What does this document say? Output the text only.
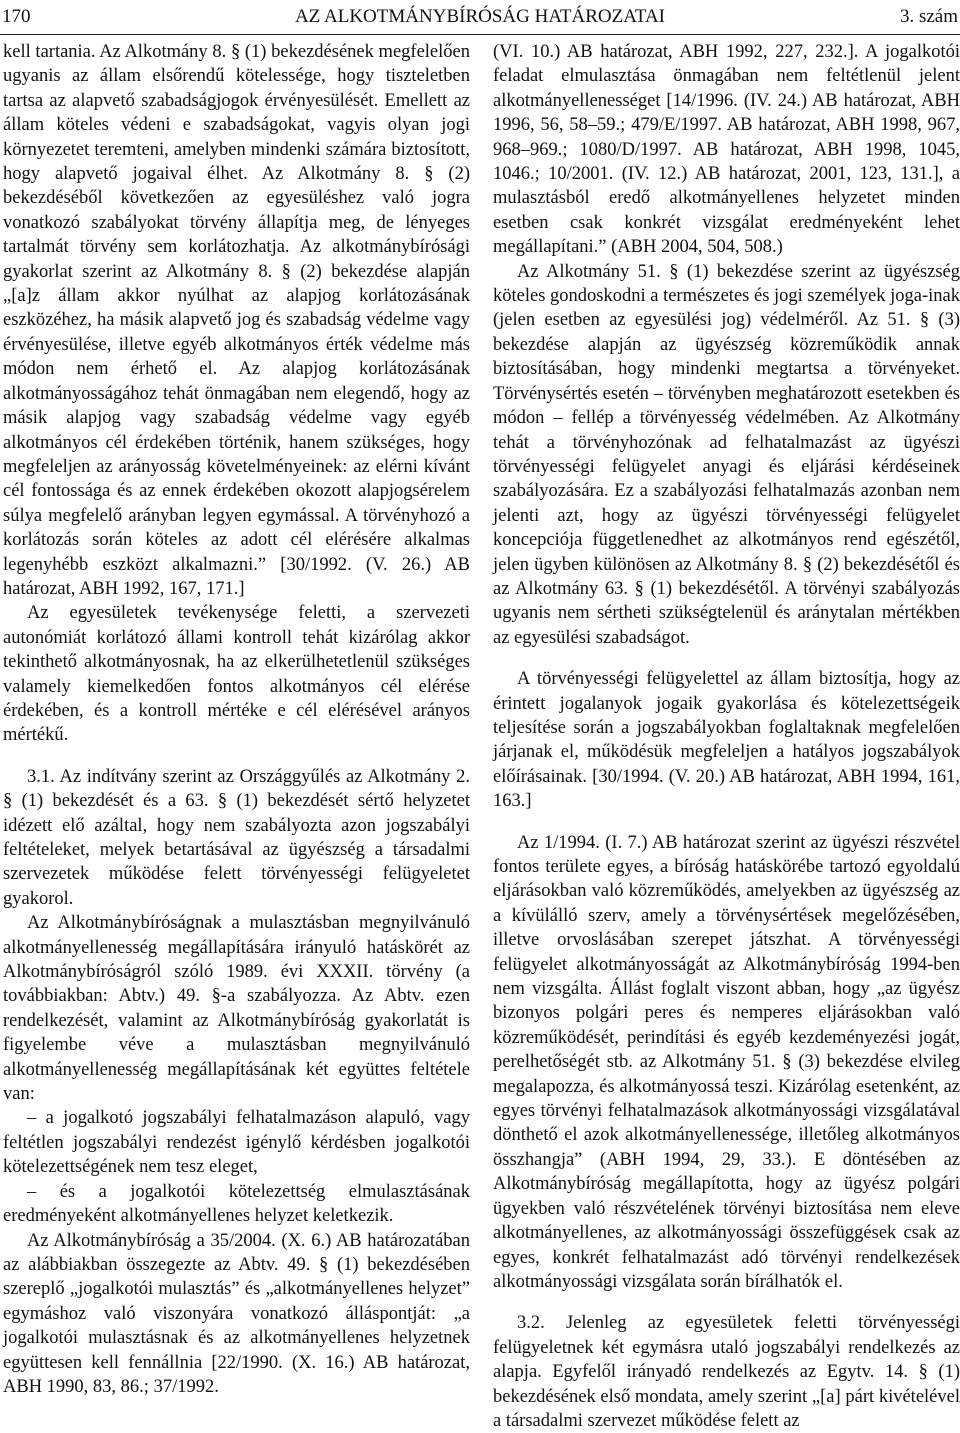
170	AZ ALKOTMÁNYBÍRÓSÁG HATÁROZATAI	3. szám

kell tartania. Az Alkotmány 8. § (1) bekezdésének megfelelően ugyanis az állam elsőrendű kötelessége, hogy tiszteletben tartsa az alapvető szabadságjogok érvényesülését. Emellett az állam köteles védeni e szabadságokat, vagyis olyan jogi környezetet teremteni, amelyben mindenki számára biztosított, hogy alapvető jogaival élhet. Az Alkotmány 8. § (2) bekezdéséből következően az egyesüléshez való jogra vonatkozó szabályokat törvény állapítja meg, de lényeges tartalmát törvény sem korlátozhatja. Az alkotmánybírósági gyakorlat szerint az Alkotmány 8. § (2) bekezdése alapján „[a]z állam akkor nyúlhat az alapjog korlátozásának eszközéhez, ha másik alapvető jog és szabadság védelme vagy érvényesülése, illetve egyéb alkotmányos érték védelme más módon nem érhető el. Az alapjog korlátozásának alkotmányosságához tehát önmagában nem elegendő, hogy az másik alapjog vagy szabadság védelme vagy egyéb alkotmányos cél érdekében történik, hanem szükséges, hogy megfeleljen az arányosság követelményeinek: az elérni kívánt cél fontossága és az ennek érdekében okozott alapjogsérelem súlya megfelelő arányban legyen egymással. A törvényhozó a korlátozás során köteles az adott cél elérésére alkalmas legenyhébb eszközt alkalmazni.” [30/1992. (V. 26.) AB határozat, ABH 1992, 167, 171.]

Az egyesületek tevékenysége feletti, a szervezeti autonómiát korlátozó állami kontroll tehát kizárólag akkor tekinthető alkotmányosnak, ha az elkerülhetetlenül szükséges valamely kiemelkedően fontos alkotmányos cél elérése érdekében, és a kontroll mértéke e cél elérésével arányos mértékű.

3.1. Az indítvány szerint az Országgyűlés az Alkotmány 2. § (1) bekezdését és a 63. § (1) bekezdését sértő helyzetet idézett elő azáltal, hogy nem szabályozta azon jogszabályi feltételeket, melyek betartásával az ügyészség a társadalmi szervezetek működése felett törvényességi felügyeletet gyakorol.

Az Alkotmánybíróságnak a mulasztásban megnyilvánuló alkotmányellenesség megállapítására irányuló hatáskörét az Alkotmánybíróságról szóló 1989. évi XXXII. törvény (a továbbiakban: Abtv.) 49. §-a szabályozza. Az Abtv. ezen rendelkezését, valamint az Alkotmánybíróság gyakorlatát is figyelembe véve a mulasztásban megnyilvánuló alkotmányellenesség megállapításának két együttes feltétele van:

– a jogalkotó jogszabályi felhatalmazáson alapuló, vagy feltétlen jogszabályi rendezést igénylő kérdésben jogalkotói kötelezettségének nem tesz eleget,

– és a jogalkotói kötelezettség elmulasztásának eredményeként alkotmányellenes helyzet keletkezik.

Az Alkotmánybíróság a 35/2004. (X. 6.) AB határozatában az alábbiakban összegezte az Abtv. 49. § (1) bekezdésében szereplő „jogalkotói mulasztás” és „alkotmányellenes helyzet” egymáshoz való viszonyára vonatkozó álláspontját: „a jogalkotói mulasztásnak és az alkotmányellenes helyzetnek együttesen kell fennállnia [22/1990. (X. 16.) AB határozat, ABH 1990, 83, 86.; 37/1992.

(VI. 10.) AB határozat, ABH 1992, 227, 232.]. A jogalkotói feladat elmulasztása önmagában nem feltétlenül jelent alkotmányellenességet [14/1996. (IV. 24.) AB határozat, ABH 1996, 56, 58–59.; 479/E/1997. AB határozat, ABH 1998, 967, 968–969.; 1080/D/1997. AB határozat, ABH 1998, 1045, 1046.; 10/2001. (IV. 12.) AB határozat, 2001, 123, 131.], a mulasztásból eredő alkotmányellenes helyzetet minden esetben csak konkrét vizsgálat eredményeként lehet megállapítani.” (ABH 2004, 504, 508.)

Az Alkotmány 51. § (1) bekezdése szerint az ügyészség köteles gondoskodni a természetes és jogi személyek joga-inak (jelen esetben az egyesülési jog) védelméről. Az 51. § (3) bekezdése alapján az ügyészség közreműködik annak biztosításában, hogy mindenki megtartsa a törvényeket. Törvénysértés esetén – törvényben meghatározott esetekben és módon – fellép a törvényesség védelmében. Az Alkotmány tehát a törvényhozónak ad felhatalmazást az ügyészi törvényességi felügyelet anyagi és eljárási kérdéseinek szabályozására. Ez a szabályozási felhatalmazás azonban nem jelenti azt, hogy az ügyészi törvényességi felügyelet koncepciója függetlenedhet az alkotmányos rend egészétől, jelen ügyben különösen az Alkotmány 8. § (2) bekezdésétől és az Alkotmány 63. § (1) bekezdésétől. A törvényi szabályozás ugyanis nem sértheti szükségtelenül és aránytalan mértékben az egyesülési szabadságot.

A törvényességi felügyelettel az állam biztosítja, hogy az érintett jogalanyok jogaik gyakorlása és kötelezettségeik teljesítése során a jogszabályokban foglaltaknak megfelelően járjanak el, működésük megfeleljen a hatályos jogszabályok előírásainak. [30/1994. (V. 20.) AB határozat, ABH 1994, 161, 163.]

Az 1/1994. (I. 7.) AB határozat szerint az ügyészi részvétel fontos területe egyes, a bíróság hatáskörébe tartozó egyoldalú eljárásokban való közreműködés, amelyekben az ügyészség az a kívülálló szerv, amely a törvénysértések megelőzésében, illetve orvoslásában szerepet játszhat. A törvényességi felügyelet alkotmányosságát az Alkotmánybíróság 1994-ben nem vizsgálta. Állást foglalt viszont abban, hogy „az ügyész bizonyos polgári peres és nemperes eljárásokban való közreműködését, perindítási és egyéb kezdeményezési jogát, perelhetőségét stb. az Alkotmány 51. § (3) bekezdése elvileg megalapozza, és alkotmányossá teszi. Kizárólag esetenként, az egyes törvényi felhatalmazások alkotmányossági vizsgálatával dönthető el azok alkotmányellenessége, illetőleg alkotmányos összhangja” (ABH 1994, 29, 33.). E döntésében az Alkotmánybíróság megállapította, hogy az ügyész polgári ügyekben való részvételének törvényi biztosítása nem eleve alkotmányellenes, az alkotmányossági összefüggések csak az egyes, konkrét felhatalmazást adó törvényi rendelkezések alkotmányossági vizsgálata során bírálhatók el.

3.2. Jelenleg az egyesületek feletti törvényességi felügyeletnek két egymásra utaló jogszabályi rendelkezés az alapja. Egyfelől irányadó rendelkezés az Egytv. 14. § (1) bekezdésének első mondata, amely szerint „[a] párt kivételével a társadalmi szervezet működése felett az
